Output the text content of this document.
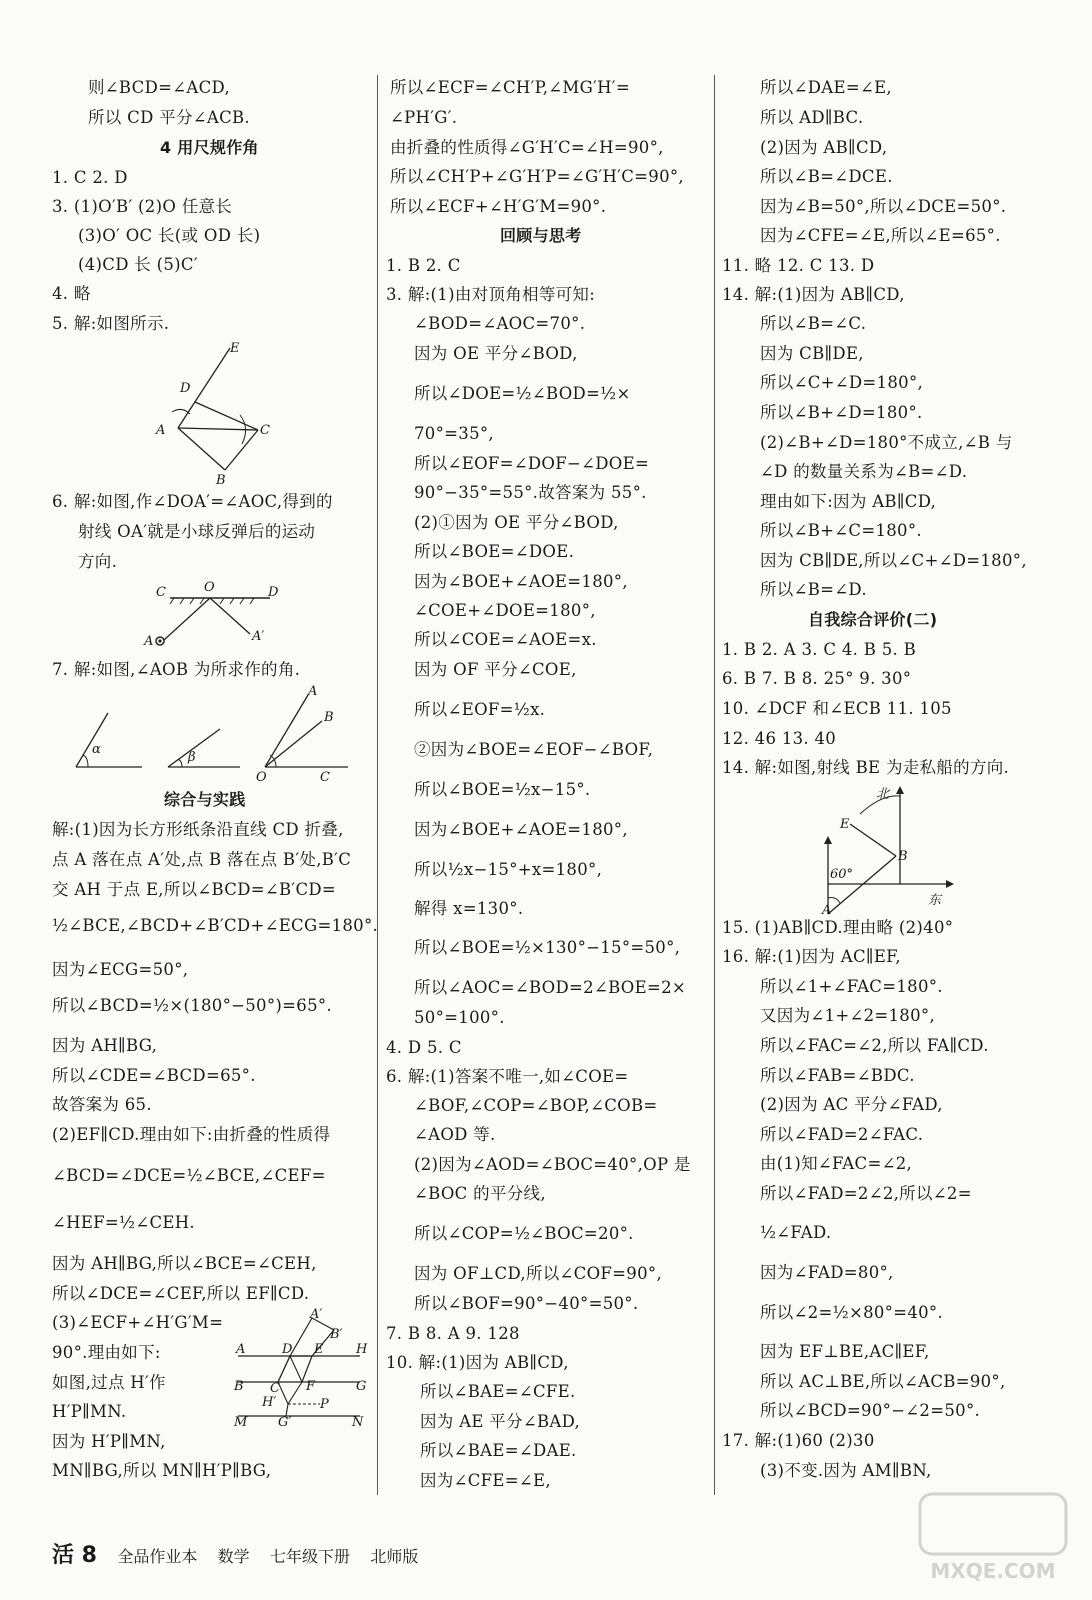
则∠BCD=∠ACD,
所以 CD 平分∠ACB.
4 用尺规作角
1. C 2. D
3. (1)O′B′ (2)O 任意长
(3)O′ OC 长(或 OD 长)
(4)CD 长 (5)C′
4. 略
5. 解:如图所示.
6. 解:如图,作∠DOA′=∠AOC,得到的
射线 OA′就是小球反弹后的运动
方向.
7. 解:如图,∠AOB 为所求作的角.
综合与实践
解:(1)因为长方形纸条沿直线 CD 折叠,
点 A 落在点 A′处,点 B 落在点 B′处,B′C
交 AH 于点 E,所以∠BCD=∠B′CD=
½∠BCE,∠BCD+∠B′CD+∠ECG=180°.
因为∠ECG=50°,
所以∠BCD=½×(180°−50°)=65°.
因为 AH∥BG,
所以∠CDE=∠BCD=65°.
故答案为 65.
(2)EF∥CD.理由如下:由折叠的性质得
∠BCD=∠DCE=½∠BCE,∠CEF=
∠HEF=½∠CEH.
因为 AH∥BG,所以∠BCE=∠CEH,
所以∠DCE=∠CEF,所以 EF∥CD.
(3)∠ECF+∠H′G′M=
90°.理由如下:
如图,过点 H′作
H′P∥MN.
因为 H′P∥MN,
MN∥BG,所以 MN∥H′P∥BG,
所以∠ECF=∠CH′P,∠MG′H′=
∠PH′G′.
由折叠的性质得∠G′H′C=∠H=90°,
所以∠CH′P+∠G′H′P=∠G′H′C=90°,
所以∠ECF+∠H′G′M=90°.
回顾与思考
1. B 2. C
3. 解:(1)由对顶角相等可知:
∠BOD=∠AOC=70°.
因为 OE 平分∠BOD,
所以∠DOE=½∠BOD=½×
70°=35°,
所以∠EOF=∠DOF−∠DOE=
90°−35°=55°.故答案为 55°.
(2)①因为 OE 平分∠BOD,
所以∠BOE=∠DOE.
因为∠BOE+∠AOE=180°,
∠COE+∠DOE=180°,
所以∠COE=∠AOE=x.
因为 OF 平分∠COE,
所以∠EOF=½x.
②因为∠BOE=∠EOF−∠BOF,
所以∠BOE=½x−15°.
因为∠BOE+∠AOE=180°,
所以½x−15°+x=180°,
解得 x=130°.
所以∠BOE=½×130°−15°=50°,
所以∠AOC=∠BOD=2∠BOE=2×
50°=100°.
4. D 5. C
6. 解:(1)答案不唯一,如∠COE=
∠BOF,∠COP=∠BOP,∠COB=
∠AOD 等.
(2)因为∠AOD=∠BOC=40°,OP 是
∠BOC 的平分线,
所以∠COP=½∠BOC=20°.
因为 OF⊥CD,所以∠COF=90°,
所以∠BOF=90°−40°=50°.
7. B 8. A 9. 128
10. 解:(1)因为 AB∥CD,
所以∠BAE=∠CFE.
因为 AE 平分∠BAD,
所以∠BAE=∠DAE.
因为∠CFE=∠E,
所以∠DAE=∠E,
所以 AD∥BC.
(2)因为 AB∥CD,
所以∠B=∠DCE.
因为∠B=50°,所以∠DCE=50°.
因为∠CFE=∠E,所以∠E=65°.
11. 略 12. C 13. D
14. 解:(1)因为 AB∥CD,
所以∠B=∠C.
因为 CB∥DE,
所以∠C+∠D=180°,
所以∠B+∠D=180°.
(2)∠B+∠D=180°不成立,∠B 与
∠D 的数量关系为∠B=∠D.
理由如下:因为 AB∥CD,
所以∠B+∠C=180°.
因为 CB∥DE,所以∠C+∠D=180°,
所以∠B=∠D.
自我综合评价(二)
1. B 2. A 3. C 4. B 5. B
6. B 7. B 8. 25° 9. 30°
10. ∠DCF 和∠ECB 11. 105
12. 46 13. 40
14. 解:如图,射线 BE 为走私船的方向.
15. (1)AB∥CD.理由略 (2)40°
16. 解:(1)因为 AC∥EF,
所以∠1+∠FAC=180°.
又因为∠1+∠2=180°,
所以∠FAC=∠2,所以 FA∥CD.
所以∠FAB=∠BDC.
(2)因为 AC 平分∠FAD,
所以∠FAD=2∠FAC.
由(1)知∠FAC=∠2,
所以∠FAD=2∠2,所以∠2=
½∠FAD.
因为∠FAD=80°,
所以∠2=½×80°=40°.
因为 EF⊥BE,AC∥EF,
所以 AC⊥BE,所以∠ACB=90°,
所以∠BCD=90°−∠2=50°.
17. 解:(1)60 (2)30
(3)不变.因为 AM∥BN,
E
D
A	C
B
C	O	D
A	A′
α
β
A
B
O	C
A′
B′
A	D E	H
B C F	G
H′	P
M G′	N
北
E
B
60°
A
东
活 8 全品作业本 数学 七年级下册 北师版
MXQE.COM
